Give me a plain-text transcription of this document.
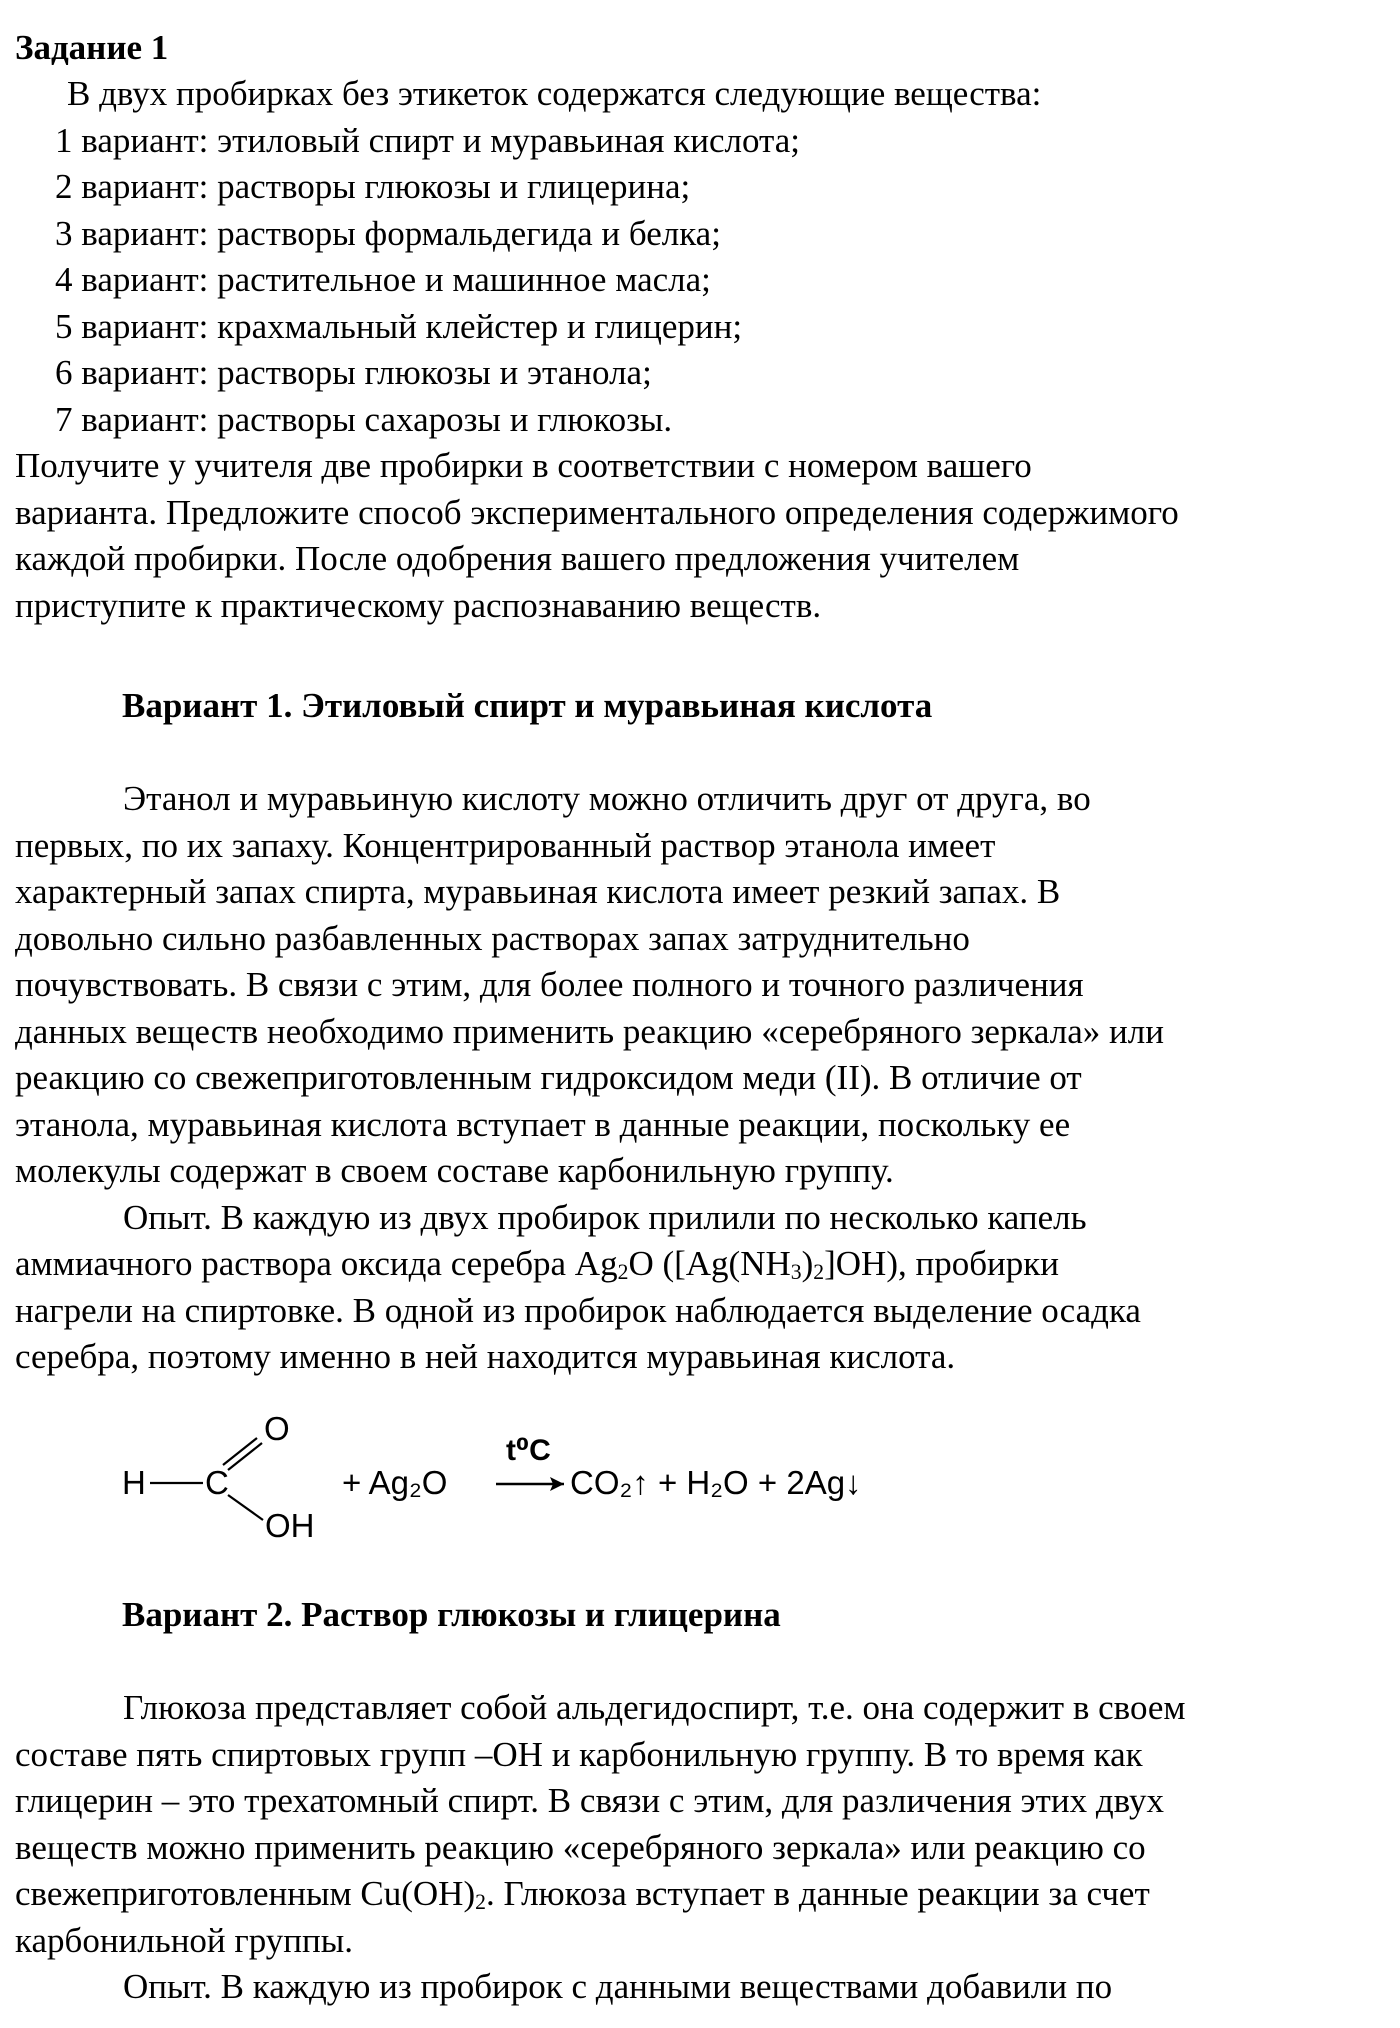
Задание 1
В двух пробирках без этикеток содержатся следующие вещества:
1 вариант: этиловый спирт и муравьиная кислота;
2 вариант: растворы глюкозы и глицерина;
3 вариант: растворы формальдегида и белка;
4 вариант: растительное и машинное масла;
5 вариант: крахмальный клейстер и глицерин;
6 вариант: растворы глюкозы и этанола;
7 вариант: растворы сахарозы и глюкозы.
Получите у учителя две пробирки в соответствии с номером вашего
варианта. Предложите способ экспериментального определения содержимого
каждой пробирки. После одобрения вашего предложения учителем
приступите к практическому распознаванию веществ.
Вариант 1. Этиловый спирт и муравьиная кислота
Этанол и муравьиную кислоту можно отличить друг от друга, во
первых, по их запаху. Концентрированный раствор этанола имеет
характерный запах спирта, муравьиная кислота имеет резкий запах. В
довольно сильно разбавленных растворах запах затруднительно
почувствовать. В связи с этим, для более полного и точного различения
данных веществ необходимо применить реакцию «серебряного зеркала» или
реакцию со свежеприготовленным гидроксидом меди (II). В отличие от
этанола, муравьиная кислота вступает в данные реакции, поскольку ее
молекулы содержат в своем составе карбонильную группу.
Опыт. В каждую из двух пробирок прилили по несколько капель
аммиачного раствора оксида серебра $Ag_2O$ $([Ag(NH_3)_2]OH)$, пробирки
нагрели на спиртовке. В одной из пробирок наблюдается выделение осадка
серебра, поэтому именно в ней находится муравьиная кислота.
H C
O
OH
+ Ag₂O
t⁰C
CO₂↑ + H₂O + 2Ag↓
Вариант 2. Раствор глюкозы и глицерина
Глюкоза представляет собой альдегидоспирт, т.е. она содержит в своем
составе пять спиртовых групп –ОН и карбонильную группу. В то время как
глицерин – это трехатомный спирт. В связи с этим, для различения этих двух
веществ можно применить реакцию «серебряного зеркала» или реакцию со
свежеприготовленным $Cu(OH)_2$. Глюкоза вступает в данные реакции за счет
карбонильной группы.
Опыт. В каждую из пробирок с данными веществами добавили по
